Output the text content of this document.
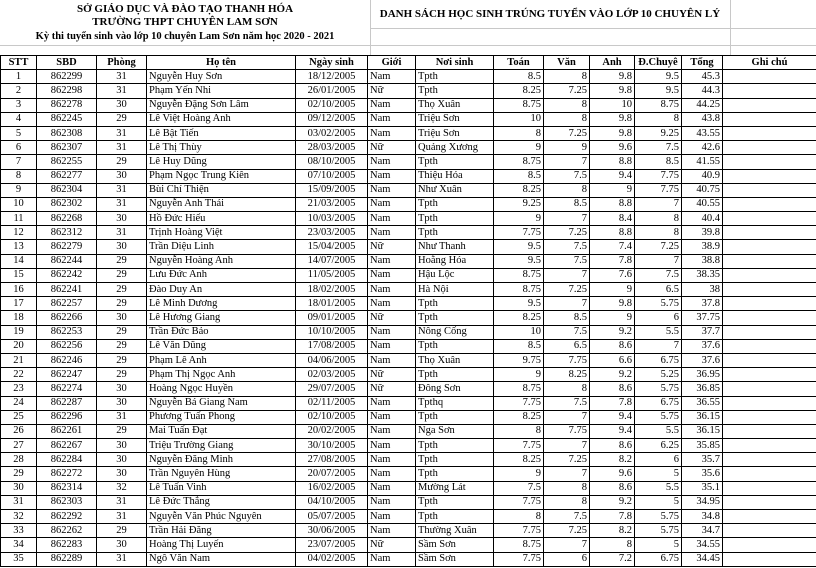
SỞ GIÁO DỤC VÀ ĐÀO TẠO THANH HÓA
TRƯỜNG THPT CHUYÊN LAM SƠN
DANH SÁCH HỌC SINH TRÚNG TUYỂN VÀO LỚP 10 CHUYÊN LÝ
Kỳ thi tuyển sinh vào lớp 10 chuyên Lam Sơn năm học 2020 - 2021
STT	SBD	Phòng	Họ tên	Ngày sinh	Giới	Nơi sinh	Toán	Văn	Anh	Đ.Chuyê	Tổng	Ghi chú
1	862299	31	Nguyễn Huy Sơn	18/12/2005	Nam	Tpth	8.5	8	9.8	9.5	45.3	
2	862298	31	Phạm Yến Nhi	26/01/2005	Nữ	Tpth	8.25	7.25	9.8	9.5	44.3	
3	862278	30	Nguyễn Đặng Sơn Lâm	02/10/2005	Nam	Thọ Xuân	8.75	8	10	8.75	44.25	
4	862245	29	Lê Việt Hoàng Anh	09/12/2005	Nam	Triệu Sơn	10	8	9.8	8	43.8	
5	862308	31	Lê Bật Tiến	03/02/2005	Nam	Triệu Sơn	8	7.25	9.8	9.25	43.55	
6	862307	31	Lê Thị Thùy	28/03/2005	Nữ	Quảng Xương	9	9	9.6	7.5	42.6	
7	862255	29	Lê Huy Dũng	08/10/2005	Nam	Tpth	8.75	7	8.8	8.5	41.55	
8	862277	30	Phạm Ngọc Trung Kiên	07/10/2005	Nam	Thiệu Hóa	8.5	7.5	9.4	7.75	40.9	
9	862304	31	Bùi Chí Thiện	15/09/2005	Nam	Như Xuân	8.25	8	9	7.75	40.75	
10	862302	31	Nguyễn Anh Thái	21/03/2005	Nam	Tpth	9.25	8.5	8.8	7	40.55	
11	862268	30	Hồ Đức Hiếu	10/03/2005	Nam	Tpth	9	7	8.4	8	40.4	
12	862312	31	Trịnh Hoàng Việt	23/03/2005	Nam	Tpth	7.75	7.25	8.8	8	39.8	
13	862279	30	Trần Diệu Linh	15/04/2005	Nữ	Như Thanh	9.5	7.5	7.4	7.25	38.9	
14	862244	29	Nguyễn Hoàng Anh	14/07/2005	Nam	Hoằng Hóa	9.5	7.5	7.8	7	38.8	
15	862242	29	Lưu Đức Anh	11/05/2005	Nam	Hậu Lộc	8.75	7	7.6	7.5	38.35	
16	862241	29	Đào Duy An	18/02/2005	Nam	Hà Nội	8.75	7.25	9	6.5	38	
17	862257	29	Lê Minh Dương	18/01/2005	Nam	Tpth	9.5	7	9.8	5.75	37.8	
18	862266	30	Lê Hương Giang	09/01/2005	Nữ	Tpth	8.25	8.5	9	6	37.75	
19	862253	29	Trần Đức Bảo	10/10/2005	Nam	Nông Cống	10	7.5	9.2	5.5	37.7	
20	862256	29	Lê Văn Dũng	17/08/2005	Nam	Tpth	8.5	6.5	8.6	7	37.6	
21	862246	29	Phạm Lê Anh	04/06/2005	Nam	Thọ Xuân	9.75	7.75	6.6	6.75	37.6	
22	862247	29	Phạm Thị Ngọc Anh	02/03/2005	Nữ	Tpth	9	8.25	9.2	5.25	36.95	
23	862274	30	Hoàng Ngọc Huyền	29/07/2005	Nữ	Đông Sơn	8.75	8	8.6	5.75	36.85	
24	862287	30	Nguyễn Bá Giang Nam	02/11/2005	Nam	Tpthq	7.75	7.5	7.8	6.75	36.55	
25	862296	31	Phương Tuấn Phong	02/10/2005	Nam	Tpth	8.25	7	9.4	5.75	36.15	
26	862261	29	Mai Tuấn Đạt	20/02/2005	Nam	Nga Sơn	8	7.75	9.4	5.5	36.15	
27	862267	30	Triệu Trường Giang	30/10/2005	Nam	Tpth	7.75	7	8.6	6.25	35.85	
28	862284	30	Nguyễn Đăng Minh	27/08/2005	Nam	Tpth	8.25	7.25	8.2	6	35.7	
29	862272	30	Trần Nguyên Hùng	20/07/2005	Nam	Tpth	9	7	9.6	5	35.6	
30	862314	32	Lê Tuấn Vinh	16/02/2005	Nam	Mường Lát	7.5	8	8.6	5.5	35.1	
31	862303	31	Lê Đức Thắng	04/10/2005	Nam	Tpth	7.75	8	9.2	5	34.95	
32	862292	31	Nguyễn Văn Phúc Nguyên	05/07/2005	Nam	Tpth	8	7.5	7.8	5.75	34.8	
33	862262	29	Trần Hải Đăng	30/06/2005	Nam	Thường Xuân	7.75	7.25	8.2	5.75	34.7	
34	862283	30	Hoàng Thị Luyến	23/07/2005	Nữ	Sầm Sơn	8.75	7	8	5	34.55	
35	862289	31	Ngô Văn Nam	04/02/2005	Nam	Sầm Sơn	7.75	6	7.2	6.75	34.45	
